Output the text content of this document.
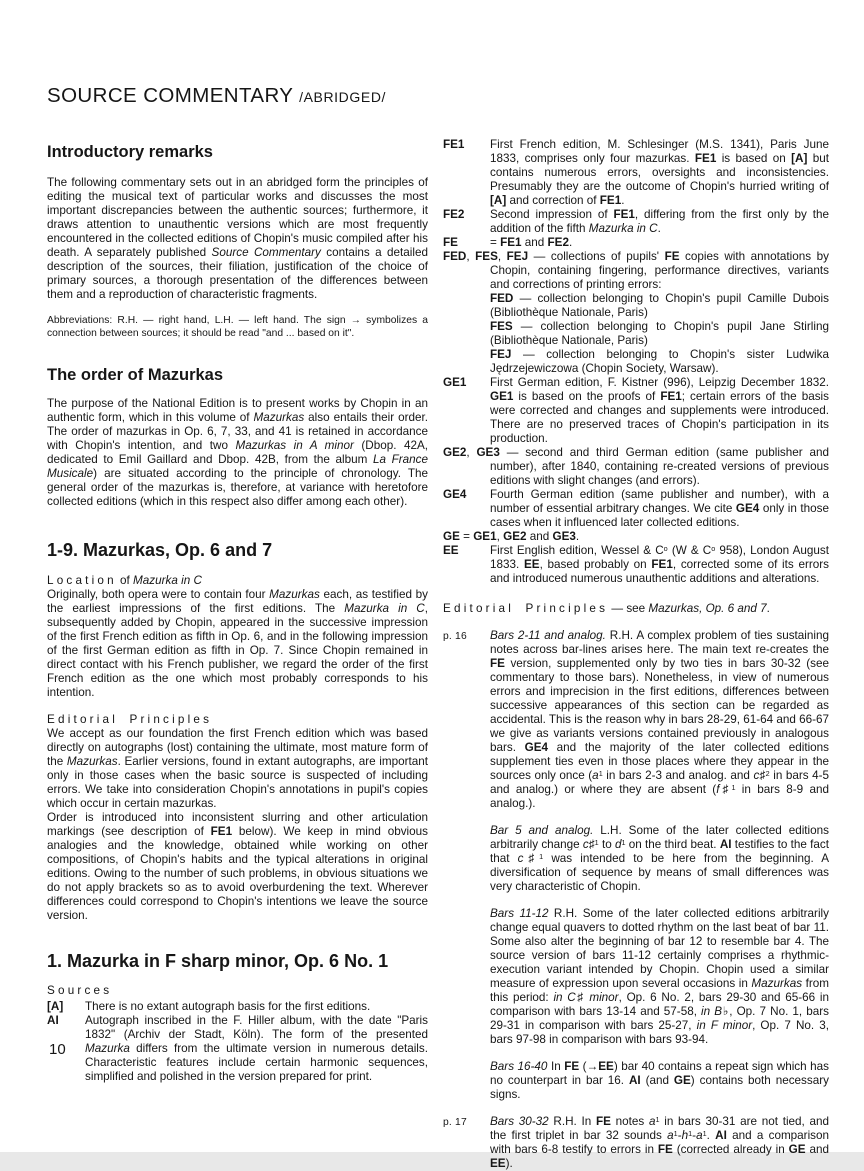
SOURCE COMMENTARY /ABRIDGED/
Introductory remarks
The following commentary sets out in an abridged form the principles of editing the musical text of particular works and discusses the most important discrepancies between the authentic sources; furthermore, it draws attention to unauthentic versions which are most frequently encountered in the collected editions of Chopin's music compiled after his death. A separately published Source Commentary contains a detailed description of the sources, their filiation, justification of the choice of primary sources, a thorough presentation of the differences between them and a reproduction of characteristic fragments.
Abbreviations: R.H. — right hand, L.H. — left hand. The sign → symbolizes a connection between sources; it should be read "and ... based on it".
The order of Mazurkas
The purpose of the National Edition is to present works by Chopin in an authentic form, which in this volume of Mazurkas also entails their order. The order of mazurkas in Op. 6, 7, 33, and 41 is retained in accordance with Chopin's intention, and two Mazurkas in A minor (Dbop. 42A, dedicated to Emil Gaillard and Dbop. 42B, from the album La France Musicale) are situated according to the principle of chronology. The general order of the mazurkas is, therefore, at variance with heretofore collected editions (which in this respect also differ among each other).
1-9. Mazurkas, Op. 6 and 7
Location of Mazurka in C
Originally, both opera were to contain four Mazurkas each, as testified by the earliest impressions of the first editions. The Mazurka in C, subsequently added by Chopin, appeared in the successive impression of the first French edition as fifth in Op. 6, and in the following impression of the first German edition as fifth in Op. 7. Since Chopin remained in direct contact with his French publisher, we regard the order of the first French edition as the one which most probably corresponds to his intention.
Editorial Principles
We accept as our foundation the first French edition which was based directly on autographs (lost) containing the ultimate, most mature form of the Mazurkas. Earlier versions, found in extant autographs, are important only in those cases when the basic source is suspected of including errors. We take into consideration Chopin's annotations in pupil's copies which occur in certain mazurkas.
Order is introduced into inconsistent slurring and other articulation markings (see description of FE1 below). We keep in mind obvious analogies and the knowledge, obtained while working on other compositions, of Chopin's habits and the typical alterations in original editions. Owing to the number of such problems, in obvious situations we do not apply brackets so as to avoid overburdening the text. Wherever differences could correspond to Chopin's intentions we leave the source version.
1. Mazurka in F sharp minor, Op. 6 No. 1
Sources
[A] There is no extant autograph basis for the first editions.
AI Autograph inscribed in the F. Hiller album, with the date "Paris 1832" (Archiv der Stadt, Köln). The form of the presented Mazurka differs from the ultimate version in numerous details. Characteristic features include certain harmonic sequences, simplified and polished in the version prepared for print.
FE1 First French edition, M. Schlesinger (M.S. 1341), Paris June 1833, comprises only four mazurkas. FE1 is based on [A] but contains numerous errors, oversights and inconsistencies. Presumably they are the outcome of Chopin's hurried writing of [A] and correction of FE1.
FE2 Second impression of FE1, differing from the first only by the addition of the fifth Mazurka in C.
FE	= FE1 and FE2.
FED, FES, FEJ — collections of pupils' FE copies with annotations by Chopin, containing fingering, performance directives, variants and corrections of printing errors:
FED — collection belonging to Chopin's pupil Camille Dubois (Bibliothèque Nationale, Paris)
FES — collection belonging to Chopin's pupil Jane Stirling (Bibliothèque Nationale, Paris)
FEJ — collection belonging to Chopin's sister Ludwika Jędrzejewiczowa (Chopin Society, Warsaw).
GE1 First German edition, F. Kistner (996), Leipzig December 1832. GE1 is based on the proofs of FE1; certain errors of the basis were corrected and changes and supplements were introduced. There are no preserved traces of Chopin's participation in its production.
GE2, GE3 — second and third German edition (same publisher and number), after 1840, containing re-created versions of previous editions with slight changes (and errors).
GE4 Fourth German edition (same publisher and number), with a number of essential arbitrary changes. We cite GE4 only in those cases when it influenced later collected editions.
GE = GE1, GE2 and GE3.
EE	First English edition, Wessel & $C^o$ (W & $C^o$ 958), London August 1833. EE, based probably on FE1, corrected some of its errors and introduced numerous unauthentic additions and alterations.
Editorial Principles — see Mazurkas, Op. 6 and 7.
p. 16 Bars 2-11 and analog. R.H. A complex problem of ties sustaining notes across bar-lines arises here. The main text re-creates the FE version, supplemented only by two ties in bars 30-32 (see commentary to those bars). Nonetheless, in view of numerous errors and imprecision in the first editions, differences between successive appearances of this section can be regarded as accidental. This is the reason why in bars 28-29, 61-64 and 66-67 we give as variants versions contained previously in analogous bars. GE4 and the majority of the later collected editions supplement ties even in those places where they appear in the sources only once ($a^1$ in bars 2-3 and analog. and c♯$^2$ in bars 4-5 and analog.) or where they are absent (f♯$^1$ in bars 8-9 and analog.).
Bar 5 and analog. L.H. Some of the later collected editions arbitrarily change c♯$^1$ to $d^1$ on the third beat. AI testifies to the fact that c♯$^1$ was intended to be here from the beginning. A diversification of sequence by means of small differences was very characteristic of Chopin.
Bars 11-12 R.H. Some of the later collected editions arbitrarily change equal quavers to dotted rhythm on the last beat of bar 11. Some also alter the beginning of bar 12 to resemble bar 4. The source version of bars 11-12 certainly comprises a rhythmic-execution variant intended by Chopin. Chopin used a similar measure of expression upon several occasions in Mazurkas from this period: in C♯ minor, Op. 6 No. 2, bars 29-30 and 65-66 in comparison with bars 13-14 and 57-58, in B♭, Op. 7 No. 1, bars 29-31 in comparison with bars 25-27, in F minor, Op. 7 No. 3, bars 97-98 in comparison with bars 93-94.
Bars 16-40 In FE (→EE) bar 40 contains a repeat sign which has no counterpart in bar 16. AI (and GE) contains both necessary signs.
p. 17 Bars 30-32 R.H. In FE notes $a^1$ in bars 30-31 are not tied, and the first triplet in bar 32 sounds $a^1-h^1-a^1$. AI and a comparison with bars 6-8 testify to errors in FE (corrected already in GE and EE).
10
